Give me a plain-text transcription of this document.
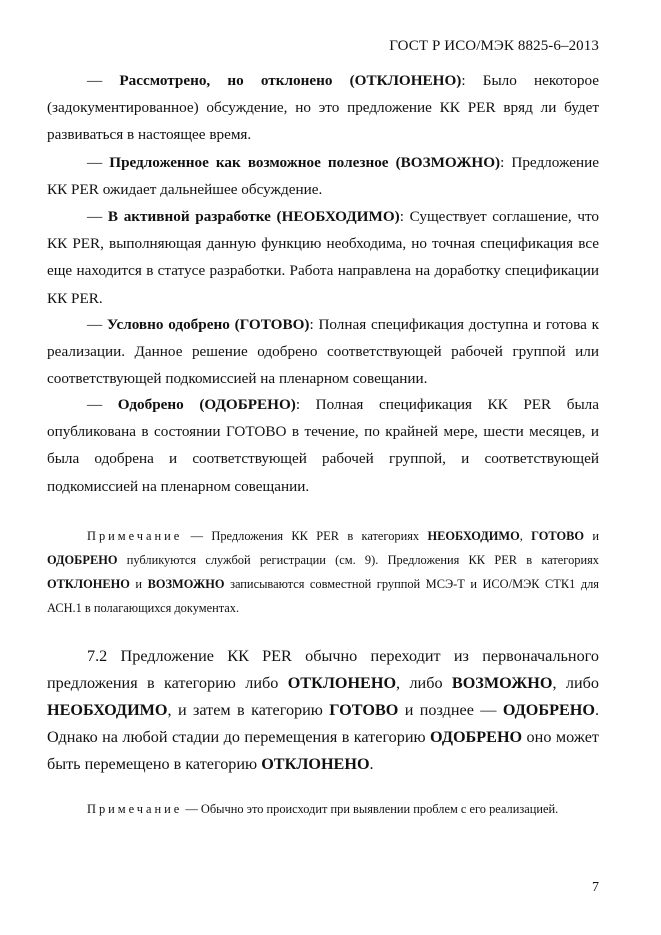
ГОСТ Р ИСО/МЭК 8825-6–2013

— Рассмотрено, но отклонено (ОТКЛОНЕНО): Было некоторое (задокументированное) обсуждение, но это предложение КК PER вряд ли будет развиваться в настоящее время.

— Предложенное как возможное полезное (ВОЗМОЖНО): Предложение КК PER ожидает дальнейшее обсуждение.

— В активной разработке (НЕОБХОДИМО): Существует соглашение, что КК PER, выполняющая данную функцию необходима, но точная спецификация все еще находится в статусе разработки. Работа направлена на доработку спецификации КК PER.

— Условно одобрено (ГОТОВО): Полная спецификация доступна и готова к реализации. Данное решение одобрено соответствующей рабочей группой или соответствующей подкомиссией на пленарном совещании.

— Одобрено (ОДОБРЕНО): Полная спецификация КК PER была опубликована в состоянии ГОТОВО в течение, по крайней мере, шести месяцев, и была одобрена и соответствующей рабочей группой, и соответствующей подкомиссией на пленарном совещании.

Примечание — Предложения КК PER в категориях НЕОБХОДИМО, ГОТОВО и ОДОБРЕНО публикуются службой регистрации (см. 9). Предложения КК PER в категориях ОТКЛОНЕНО и ВОЗМОЖНО записываются совместной группой МСЭ-Т и ИСО/МЭК СТК1 для АСН.1 в полагающихся документах.

7.2 Предложение КК PER обычно переходит из первоначального предложения в категорию либо ОТКЛОНЕНО, либо ВОЗМОЖНО, либо НЕОБХОДИМО, и затем в категорию ГОТОВО и позднее — ОДОБРЕНО. Однако на любой стадии до перемещения в категорию ОДОБРЕНО оно может быть перемещено в категорию ОТКЛОНЕНО.

Примечание — Обычно это происходит при выявлении проблем с его реализацией.

7
